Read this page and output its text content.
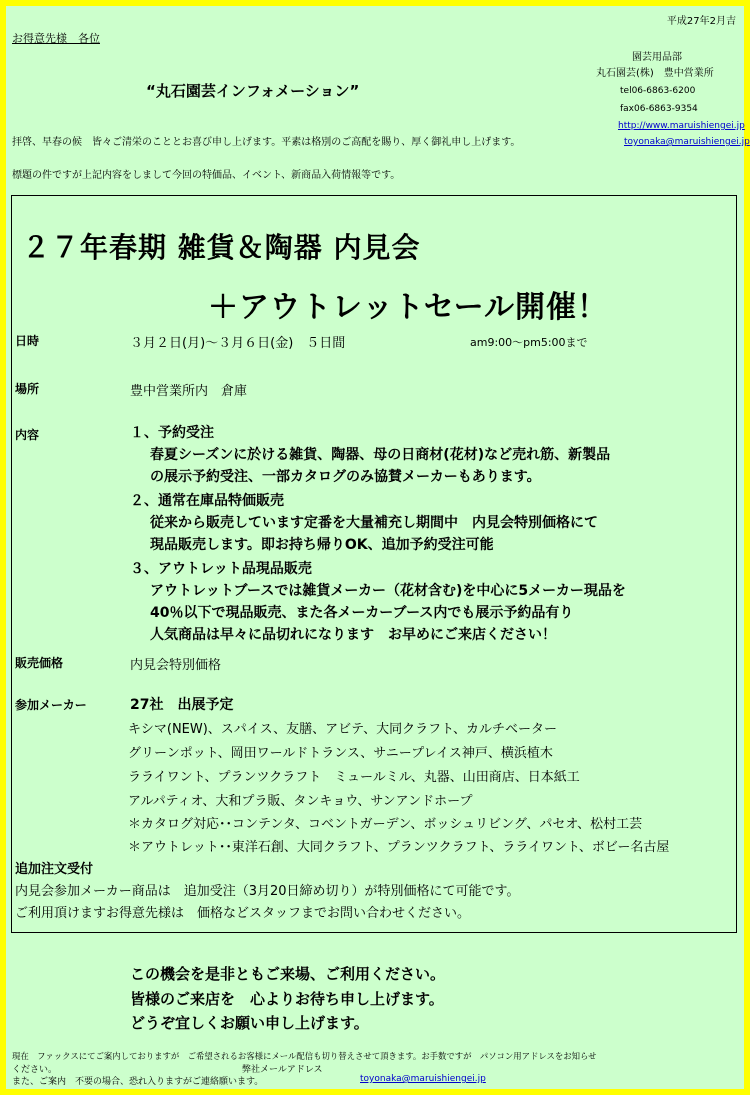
平成27年2月吉
お得意先様　各位
“丸石園芸インフォメーション”
園芸用品部
丸石園芸(株)　豊中営業所
tel06-6863-6200
fax06-6863-9354
http://www.maruishiengei.jp
toyonaka@maruishiengei.jp
拝啓、早春の候　皆々ご清栄のこととお喜び申し上げます。平素は格別のご高配を賜り、厚く御礼申し上げます。
標題の件ですが上記内容をしまして今回の特価品、イベント、新商品入荷情報等です。
２７年春期 雑貨＆陶器 内見会
＋アウトレットセール開催！
日時	３月２日(月)～３月６日(金)　５日間	am9:00～pm5:00まで
場所	豊中営業所内　倉庫
内容	１、予約受注
春夏シーズンに於ける雑貨、陶器、母の日商材(花材)など売れ筋、新製品
の展示予約受注、一部カタログのみ協賛メーカーもあります。
２、通常在庫品特価販売
従来から販売しています定番を大量補充し期間中　内見会特別価格にて
現品販売します。即お持ち帰りOK、追加予約受注可能
３、アウトレット品現品販売
アウトレットブースでは雑貨メーカー（花材含む)を中心に5メーカー現品を
40％以下で現品販売、また各メーカーブース内でも展示予約品有り
人気商品は早々に品切れになります　お早めにご来店ください！
販売価格	内見会特別価格
参加メーカー	27社　出展予定
キシマ(NEW)、スパイス、友膳、アビテ、大同クラフト、カルチベーター
グリーンポット、岡田ワールドトランス、サニープレイス神戸、横浜植木
ラライワント、プランツクラフト　ミュールミル、丸器、山田商店、日本紙工
アルパティオ、大和プラ販、タンキョウ、サンアンドホープ
＊カタログ対応･･コンテンタ、コベントガーデン、ボッシュリビング、パセオ、松村工芸
＊アウトレット･･東洋石創、大同クラフト、プランツクラフト、ラライワント、ボビー名古屋
追加注文受付
内見会参加メーカー商品は　追加受注（3月20日締め切り）が特別価格にて可能です。
ご利用頂けますお得意先様は　価格などスタッフまでお問い合わせください。
この機会を是非ともご来場、ご利用ください。
皆様のご来店を　心よりお待ち申し上げます。
どうぞ宜しくお願い申し上げます。
現在　ファックスにてご案内しておりますが　ご希望されるお客様にメール配信も切り替えさせて頂きます。お手数ですが　パソコン用アドレスをお知らせ
ください。	弊社メールアドレス
また、ご案内　不要の場合、恐れ入りますがご連絡願います。	toyonaka@maruishiengei.jp
